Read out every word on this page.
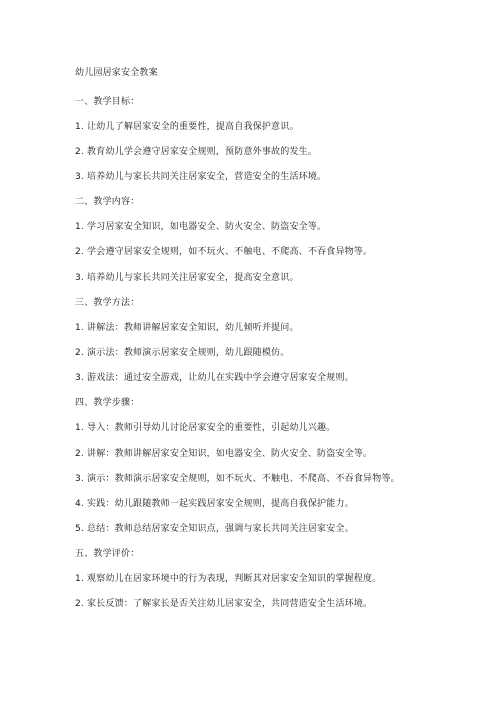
幼儿园居家安全教案
一、教学目标：
1. 让幼儿了解居家安全的重要性，提高自我保护意识。
2. 教育幼儿学会遵守居家安全规则，预防意外事故的发生。
3. 培养幼儿与家长共同关注居家安全，营造安全的生活环境。
二、教学内容：
1. 学习居家安全知识，如电器安全、防火安全、防盗安全等。
2. 学会遵守居家安全规则，如不玩火、不触电、不爬高、不吞食异物等。
3. 培养幼儿与家长共同关注居家安全，提高安全意识。
三、教学方法：
1. 讲解法：教师讲解居家安全知识，幼儿倾听并提问。
2. 演示法：教师演示居家安全规则，幼儿跟随模仿。
3. 游戏法：通过安全游戏，让幼儿在实践中学会遵守居家安全规则。
四、教学步骤：
1. 导入：教师引导幼儿讨论居家安全的重要性，引起幼儿兴趣。
2. 讲解：教师讲解居家安全知识，如电器安全、防火安全、防盗安全等。
3. 演示：教师演示居家安全规则，如不玩火、不触电、不爬高、不吞食异物等。
4. 实践：幼儿跟随教师一起实践居家安全规则，提高自我保护能力。
5. 总结：教师总结居家安全知识点，强调与家长共同关注居家安全。
五、教学评价：
1. 观察幼儿在居家环境中的行为表现，判断其对居家安全知识的掌握程度。
2. 家长反馈：了解家长是否关注幼儿居家安全，共同营造安全生活环境。
